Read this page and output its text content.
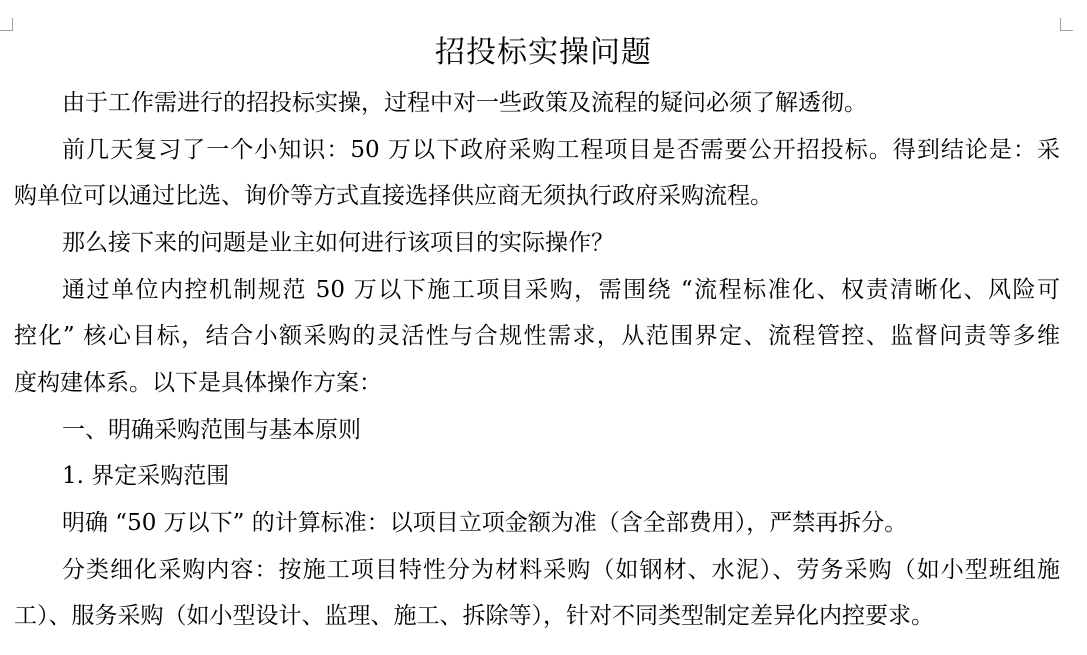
招投标实操问题
由于工作需进行的招投标实操，过程中对一些政策及流程的疑问必须了解透彻。
前几天复习了一个小知识：50 万以下政府采购工程项目是否需要公开招投标。得到结论是：采
购单位可以通过比选、询价等方式直接选择供应商无须执行政府采购流程。
那么接下来的问题是业主如何进行该项目的实际操作？
通过单位内控机制规范 50 万以下施工项目采购，需围绕 “流程标准化、权责清晰化、风险可
控化” 核心目标，结合小额采购的灵活性与合规性需求，从范围界定、流程管控、监督问责等多维
度构建体系。以下是具体操作方案：
一、明确采购范围与基本原则
1. 界定采购范围
明确 “50 万以下” 的计算标准：以项目立项金额为准（含全部费用），严禁再拆分。
分类细化采购内容：按施工项目特性分为材料采购（如钢材、水泥）、劳务采购（如小型班组施
工）、服务采购（如小型设计、监理、施工、拆除等），针对不同类型制定差异化内控要求。
